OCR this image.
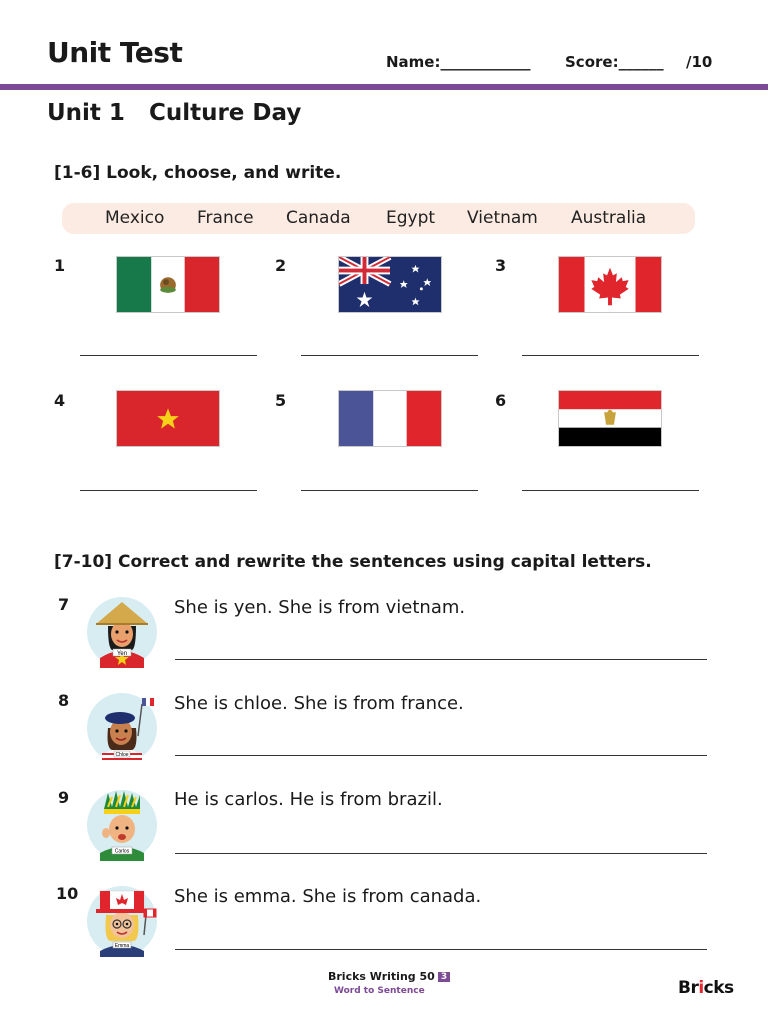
Unit Test	Name:____________ Score:______ /10
Unit 1 Culture Day
[1-6] Look, choose, and write.
Mexico France Canada Egypt Vietnam Australia
1	2	3
4	5	6
[7-10] Correct and rewrite the sentences using capital letters.
7
Yen
She is yen. She is from vietnam.
8
Chloe
She is chloe. She is from france.
9
Carlos
He is carlos. He is from brazil.
10
Emma
She is emma. She is from canada.
Bricks Writing 50 3
Word to Sentence	Bricks
